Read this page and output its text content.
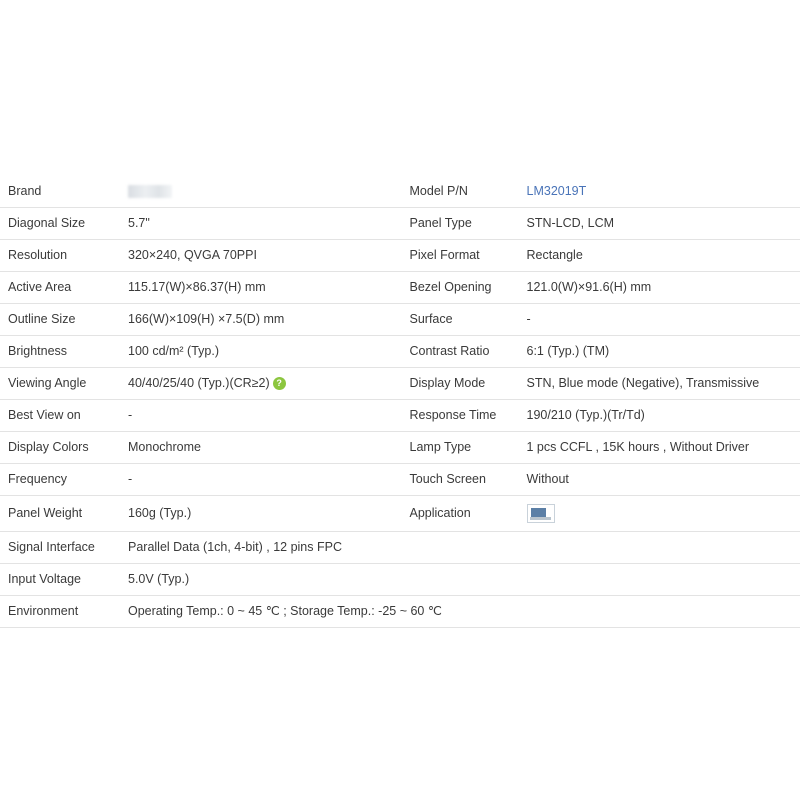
Brand		Model P/N	LM32019T
Diagonal Size	5.7"	Panel Type	STN-LCD, LCM
Resolution	320×240, QVGA 70PPI	Pixel Format	Rectangle
Active Area	115.17(W)×86.37(H) mm	Bezel Opening	121.0(W)×91.6(H) mm
Outline Size	166(W)×109(H) ×7.5(D) mm	Surface	-
Brightness	100 cd/m² (Typ.)	Contrast Ratio	6:1 (Typ.) (TM)
Viewing Angle	40/40/25/40 (Typ.)(CR≥2) ?	Display Mode	STN, Blue mode (Negative), Transmissive
Best View on	-	Response Time	190/210 (Typ.)(Tr/Td)
Display Colors	Monochrome	Lamp Type	1 pcs CCFL , 15K hours , Without Driver
Frequency	-	Touch Screen	Without
Panel Weight	160g (Typ.)	Application	

Signal Interface	Parallel Data (1ch, 4-bit) , 12 pins FPC		
Input Voltage	5.0V (Typ.)		
Environment	Operating Temp.: 0 ~ 45 ℃ ; Storage Temp.: -25 ~ 60 ℃		
